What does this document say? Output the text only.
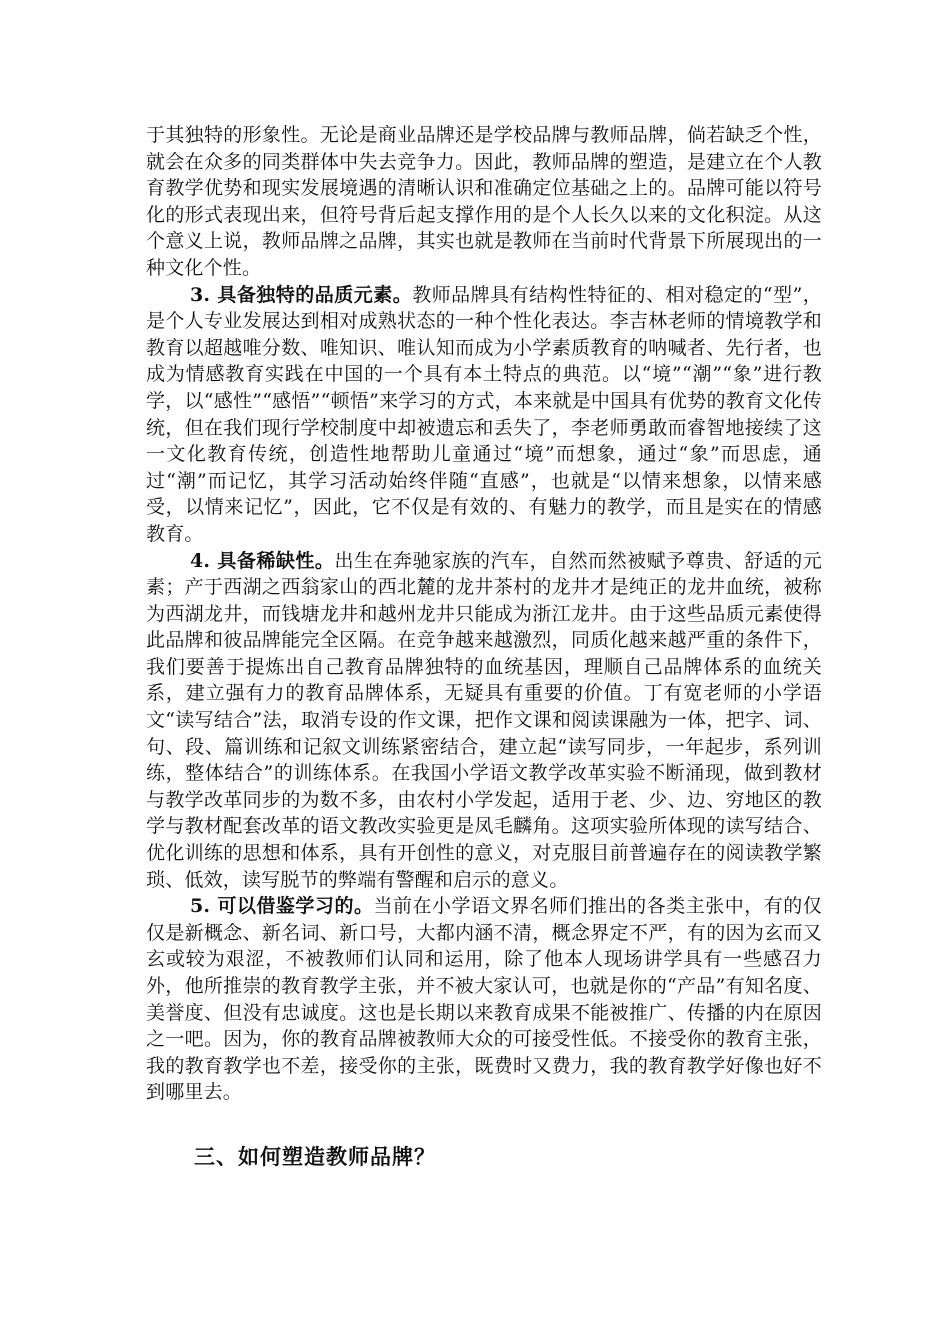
于其独特的形象性。无论是商业品牌还是学校品牌与教师品牌，倘若缺乏个性，就会在众多的同类群体中失去竞争力。因此，教师品牌的塑造，是建立在个人教育教学优势和现实发展境遇的清晰认识和准确定位基础之上的。品牌可能以符号化的形式表现出来，但符号背后起支撑作用的是个人长久以来的文化积淀。从这个意义上说，教师品牌之品牌，其实也就是教师在当前时代背景下所展现出的一种文化个性。

3. 具备独特的品质元素。教师品牌具有结构性特征的、相对稳定的“型”，是个人专业发展达到相对成熟状态的一种个性化表达。李吉林老师的情境教学和教育以超越唯分数、唯知识、唯认知而成为小学素质教育的呐喊者、先行者，也成为情感教育实践在中国的一个具有本土特点的典范。以“境”“潮”“象”进行教学，以“感性”“感悟”“顿悟”来学习的方式，本来就是中国具有优势的教育文化传统，但在我们现行学校制度中却被遗忘和丢失了，李老师勇敢而睿智地接续了这一文化教育传统，创造性地帮助儿童通过“境”而想象，通过“象”而思虑，通过“潮”而记忆，其学习活动始终伴随“直感”，也就是“以情来想象，以情来感受，以情来记忆”，因此，它不仅是有效的、有魅力的教学，而且是实在的情感教育。

4. 具备稀缺性。出生在奔驰家族的汽车，自然而然被赋予尊贵、舒适的元素；产于西湖之西翁家山的西北麓的龙井茶村的龙井才是纯正的龙井血统，被称为西湖龙井，而钱塘龙井和越州龙井只能成为浙江龙井。由于这些品质元素使得此品牌和彼品牌能完全区隔。在竞争越来越激烈，同质化越来越严重的条件下，我们要善于提炼出自己教育品牌独特的血统基因，理顺自己品牌体系的血统关系，建立强有力的教育品牌体系，无疑具有重要的价值。丁有宽老师的小学语文“读写结合”法，取消专设的作文课，把作文课和阅读课融为一体，把字、词、句、段、篇训练和记叙文训练紧密结合，建立起“读写同步，一年起步，系列训练，整体结合”的训练体系。在我国小学语文教学改革实验不断涌现，做到教材与教学改革同步的为数不多，由农村小学发起，适用于老、少、边、穷地区的教学与教材配套改革的语文教改实验更是凤毛麟角。这项实验所体现的读写结合、优化训练的思想和体系，具有开创性的意义，对克服目前普遍存在的阅读教学繁琐、低效，读写脱节的弊端有警醒和启示的意义。

5. 可以借鉴学习的。当前在小学语文界名师们推出的各类主张中，有的仅仅是新概念、新名词、新口号，大都内涵不清，概念界定不严，有的因为玄而又玄或较为艰涩，不被教师们认同和运用，除了他本人现场讲学具有一些感召力外，他所推崇的教育教学主张，并不被大家认可，也就是你的“产品”有知名度、美誉度、但没有忠诚度。这也是长期以来教育成果不能被推广、传播的内在原因之一吧。因为，你的教育品牌被教师大众的可接受性低。不接受你的教育主张，我的教育教学也不差，接受你的主张，既费时又费力，我的教育教学好像也好不到哪里去。

三、如何塑造教师品牌？
